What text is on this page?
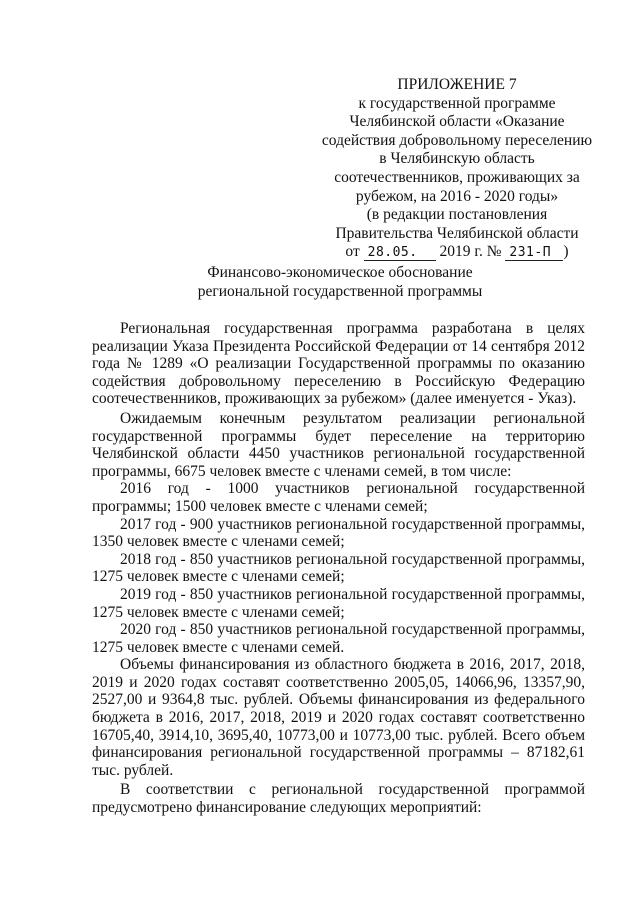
ПРИЛОЖЕНИЕ 7
к государственной программе
Челябинской области «Оказание
содействия добровольному переселению
в Челябинскую область
соотечественников, проживающих за
рубежом, на 2016 - 2020 годы»
(в редакции постановления
Правительства Челябинской области
от 28.05. 2019 г. № 231-П )
Финансово-экономическое обоснование
региональной государственной программы

Региональная государственная программа разработана в целях реализации Указа Президента Российской Федерации от 14 сентября 2012 года № 1289 «О реализации Государственной программы по оказанию содействия добровольному переселению в Российскую Федерацию соотечественников, проживающих за рубежом» (далее именуется - Указ).

Ожидаемым конечным результатом реализации региональной государственной программы будет переселение на территорию Челябинской области 4450 участников региональной государственной программы, 6675 человек вместе с членами семей, в том числе:

2016 год - 1000 участников региональной государственной программы; 1500 человек вместе с членами семей;

2017 год - 900 участников региональной государственной программы, 1350 человек вместе с членами семей;

2018 год - 850 участников региональной государственной программы, 1275 человек вместе с членами семей;

2019 год - 850 участников региональной государственной программы, 1275 человек вместе с членами семей;

2020 год - 850 участников региональной государственной программы, 1275 человек вместе с членами семей.

Объемы финансирования из областного бюджета в 2016, 2017, 2018, 2019 и 2020 годах составят соответственно 2005,05, 14066,96, 13357,90, 2527,00 и 9364,8 тыс. рублей. Объемы финансирования из федерального бюджета в 2016, 2017, 2018, 2019 и 2020 годах составят соответственно 16705,40, 3914,10, 3695,40, 10773,00 и 10773,00 тыс. рублей. Всего объем финансирования региональной государственной программы – 87182,61 тыс. рублей.

В соответствии с региональной государственной программой предусмотрено финансирование следующих мероприятий:
